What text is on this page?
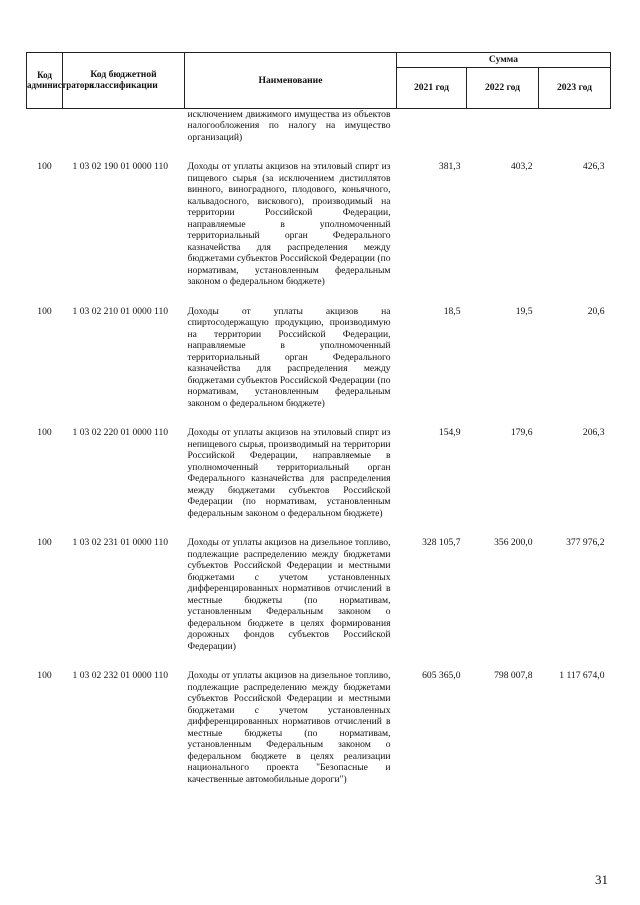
Код администратора	Код бюджетной классификации	Наименование	Сумма		
			2021 год	2022 год	2023 год
		исключением движимого имущества из объектов налогообложения по налогу на имущество организаций)			
100	1 03 02 190 01 0000 110	Доходы от уплаты акцизов на этиловый спирт из пищевого сырья (за исключением дистиллятов винного, виноградного, плодового, коньячного, кальвадосного, вискового), производимый на территории Российской Федерации, направляемые в уполномоченный территориальный орган Федерального казначейства для распределения между бюджетами субъектов Российской Федерации (по нормативам, установленным федеральным законом о федеральном бюджете)	381,3	403,2	426,3
100	1 03 02 210 01 0000 110	Доходы от уплаты акцизов на спиртосодержащую продукцию, производимую на территории Российской Федерации, направляемые в уполномоченный территориальный орган Федерального казначейства для распределения между бюджетами субъектов Российской Федерации (по нормативам, установленным федеральным законом о федеральном бюджете)	18,5	19,5	20,6
100	1 03 02 220 01 0000 110	Доходы от уплаты акцизов на этиловый спирт из непищевого сырья, производимый на территории Российской Федерации, направляемые в уполномоченный территориальный орган Федерального казначейства для распределения между бюджетами субъектов Российской Федерации (по нормативам, установленным федеральным законом о федеральном бюджете)	154,9	179,6	206,3
100	1 03 02 231 01 0000 110	Доходы от уплаты акцизов на дизельное топливо, подлежащие распределению между бюджетами субъектов Российской Федерации и местными бюджетами с учетом установленных дифференцированных нормативов отчислений в местные бюджеты (по нормативам, установленным Федеральным законом о федеральном бюджете в целях формирования дорожных фондов субъектов Российской Федерации)	328 105,7	356 200,0	377 976,2
100	1 03 02 232 01 0000 110	Доходы от уплаты акцизов на дизельное топливо, подлежащие распределению между бюджетами субъектов Российской Федерации и местными бюджетами с учетом установленных дифференцированных нормативов отчислений в местные бюджеты (по нормативам, установленным Федеральным законом о федеральном бюджете в целях реализации национального проекта "Безопасные и качественные автомобильные дороги")	605 365,0	798 007,8	1 117 674,0
31
